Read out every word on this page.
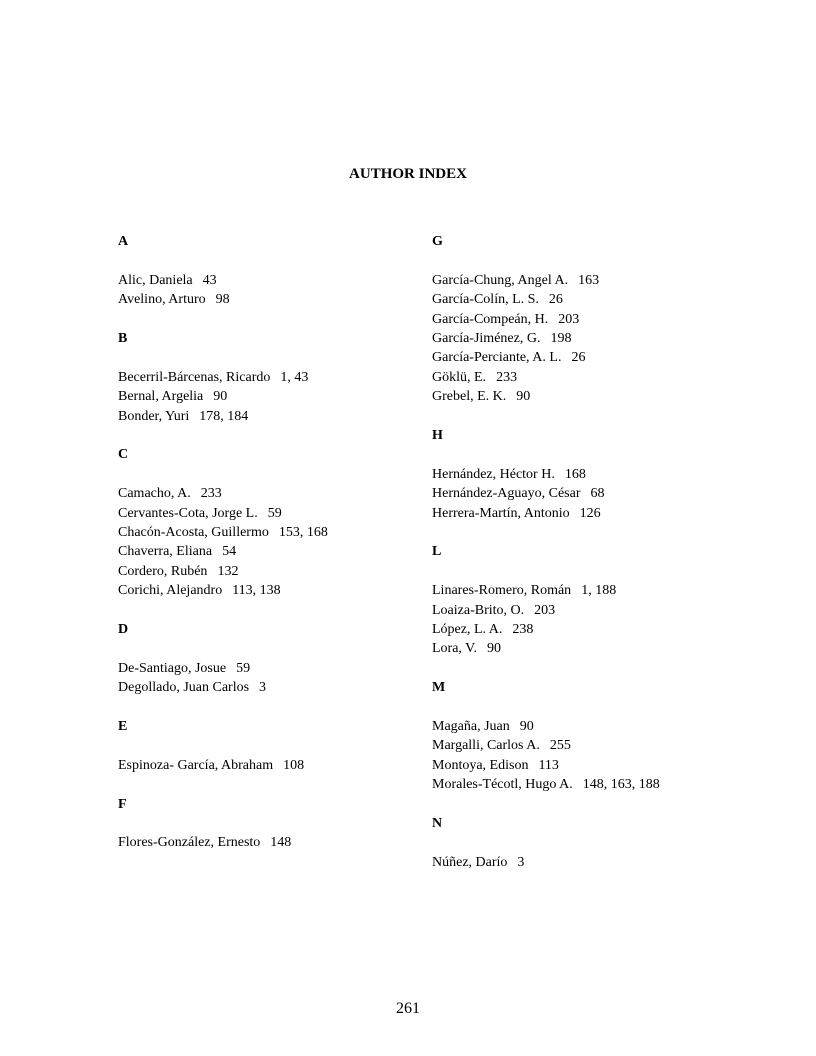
AUTHOR INDEX
A
Alic, Daniela 43
Avelino, Arturo 98
B
Becerril-Bárcenas, Ricardo 1, 43
Bernal, Argelia 90
Bonder, Yuri 178, 184
C
Camacho, A. 233
Cervantes-Cota, Jorge L. 59
Chacón-Acosta, Guillermo 153, 168
Chaverra, Eliana 54
Cordero, Rubén 132
Corichi, Alejandro 113, 138
D
De-Santiago, Josue 59
Degollado, Juan Carlos 3
E
Espinoza- García, Abraham 108
F
Flores-González, Ernesto 148
G
García-Chung, Angel A. 163
García-Colín, L. S. 26
García-Compeán, H. 203
García-Jiménez, G. 198
García-Perciante, A. L. 26
Göklü, E. 233
Grebel, E. K. 90
H
Hernández, Héctor H. 168
Hernández-Aguayo, César 68
Herrera-Martín, Antonio 126
L
Linares-Romero, Román 1, 188
Loaiza-Brito, O. 203
López, L. A. 238
Lora, V. 90
M
Magaña, Juan 90
Margalli, Carlos A. 255
Montoya, Edison 113
Morales-Técotl, Hugo A. 148, 163, 188
N
Núñez, Darío 3
261
